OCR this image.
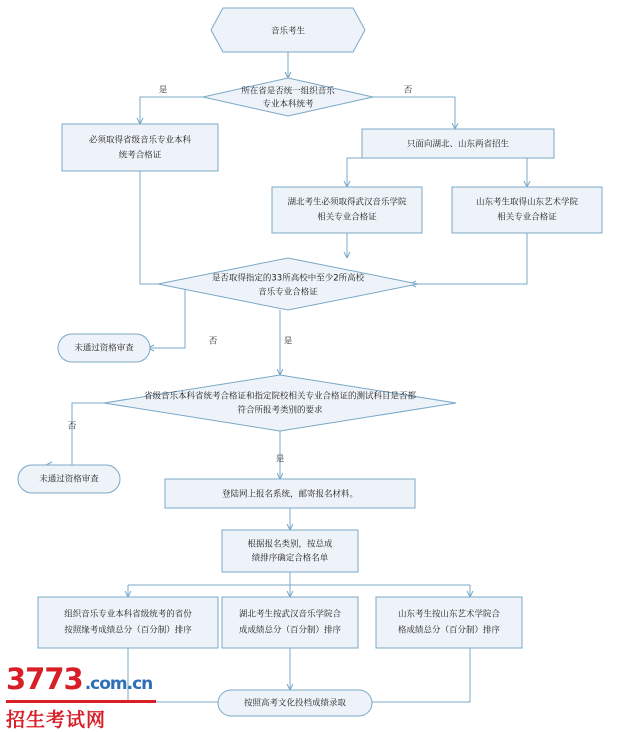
音乐考生
所在省是否统一组织音乐
专业本科统考
是	否
必须取得省级音乐专业本科
统考合格证
只面向湖北、山东两省招生
湖北考生必须取得武汉音乐学院
相关专业合格证
山东考生取得山东艺术学院
相关专业合格证
是否取得指定的33所高校中至少2所高校
音乐专业合格证
否	是
未通过资格审查
省级音乐本科省统考合格证和指定院校相关专业合格证的测试科目是否都
符合所报考类别的要求
否
是
未通过资格审查
登陆网上报名系统，邮寄报名材料。
根据报名类别，按总成
绩排序确定合格名单
组织音乐专业本科省级统考的省份
按照缘考成绩总分（百分制）排序
湖北考生按武汉音乐学院合
成成绩总分（百分制）排序
山东考生按山东艺术学院合
格成绩总分（百分制）排序
按照高考文化投档成绩录取
3773 .com.cn
招生考试网
